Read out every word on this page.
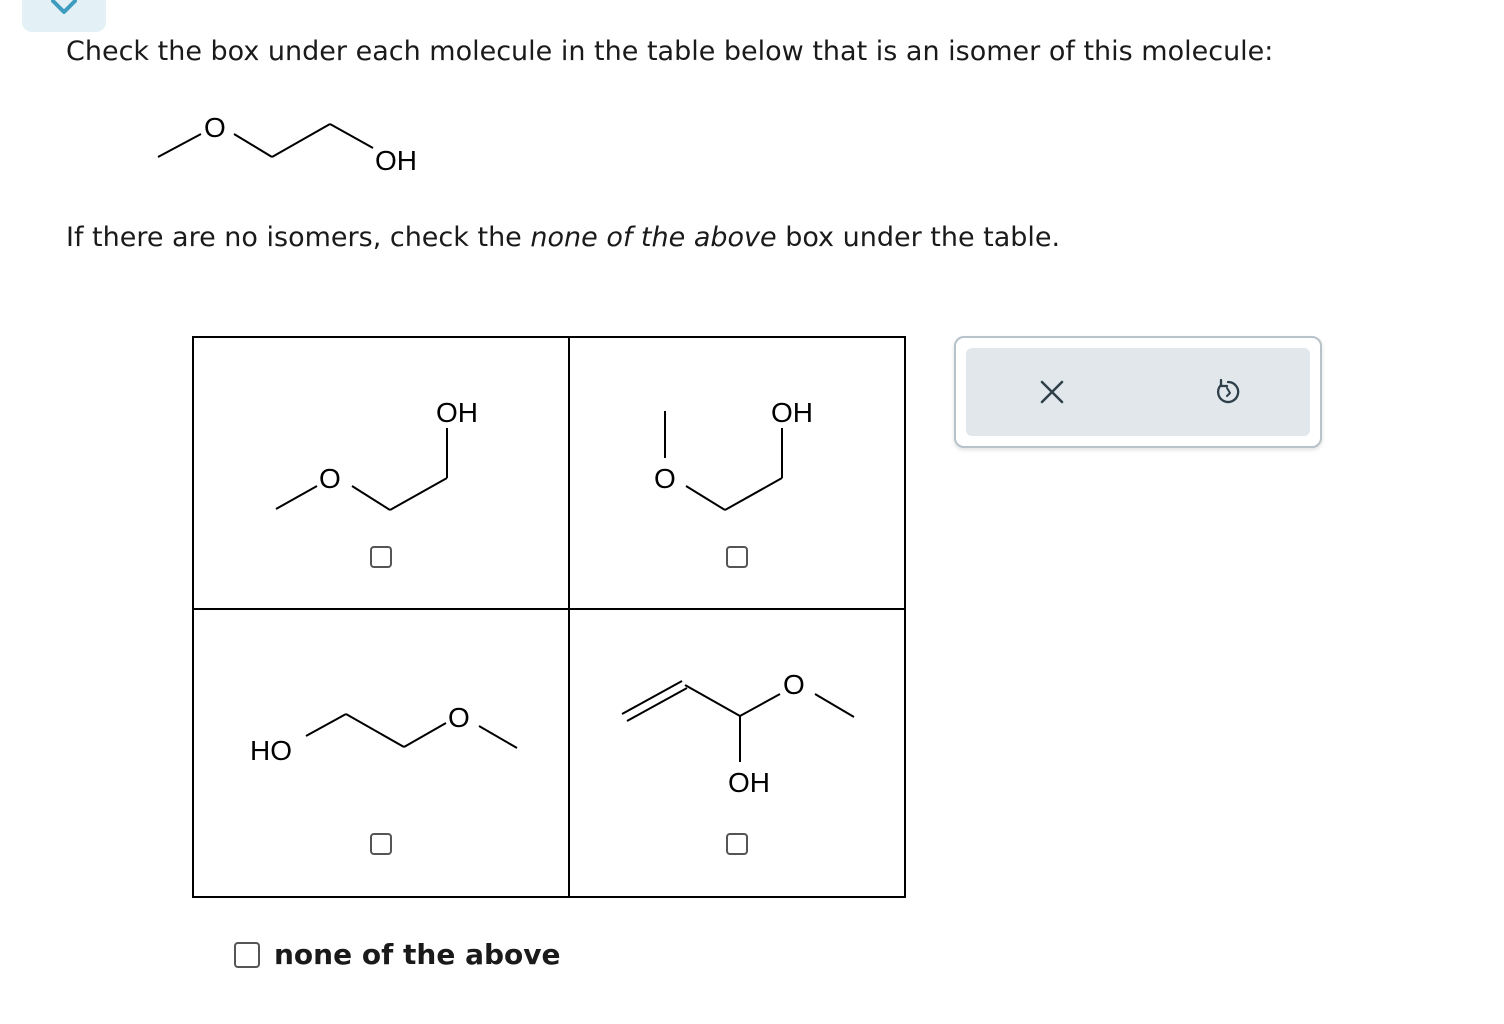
Check the box under each molecule in the table below that is an isomer of this molecule:
O
OH
If there are no isomers, check the none of the above box under the table.
O
OH
O
OH
HO
O
O
OH
none of the above
